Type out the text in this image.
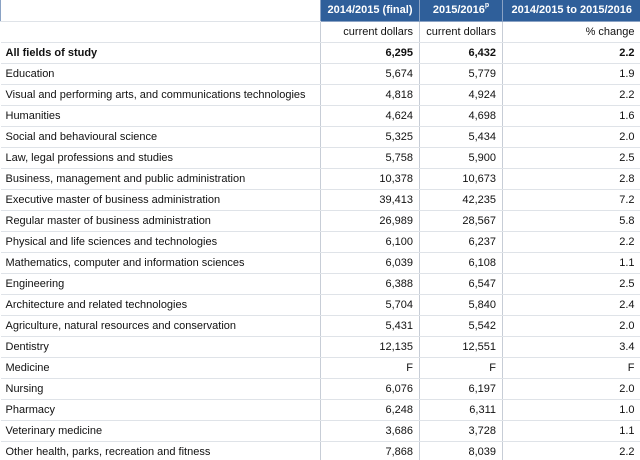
	2014/2015 (final)	2015/2016$^p$	2014/2015 to 2015/2016
	current dollars	current dollars	% change
All fields of study	6,295	6,432	2.2
Education	5,674	5,779	1.9
Visual and performing arts, and communications technologies	4,818	4,924	2.2
Humanities	4,624	4,698	1.6
Social and behavioural science	5,325	5,434	2.0
Law, legal professions and studies	5,758	5,900	2.5
Business, management and public administration	10,378	10,673	2.8
Executive master of business administration	39,413	42,235	7.2
Regular master of business administration	26,989	28,567	5.8
Physical and life sciences and technologies	6,100	6,237	2.2
Mathematics, computer and information sciences	6,039	6,108	1.1
Engineering	6,388	6,547	2.5
Architecture and related technologies	5,704	5,840	2.4
Agriculture, natural resources and conservation	5,431	5,542	2.0
Dentistry	12,135	12,551	3.4
Medicine	F	F	F
Nursing	6,076	6,197	2.0
Pharmacy	6,248	6,311	1.0
Veterinary medicine	3,686	3,728	1.1
Other health, parks, recreation and fitness	7,868	8,039	2.2
